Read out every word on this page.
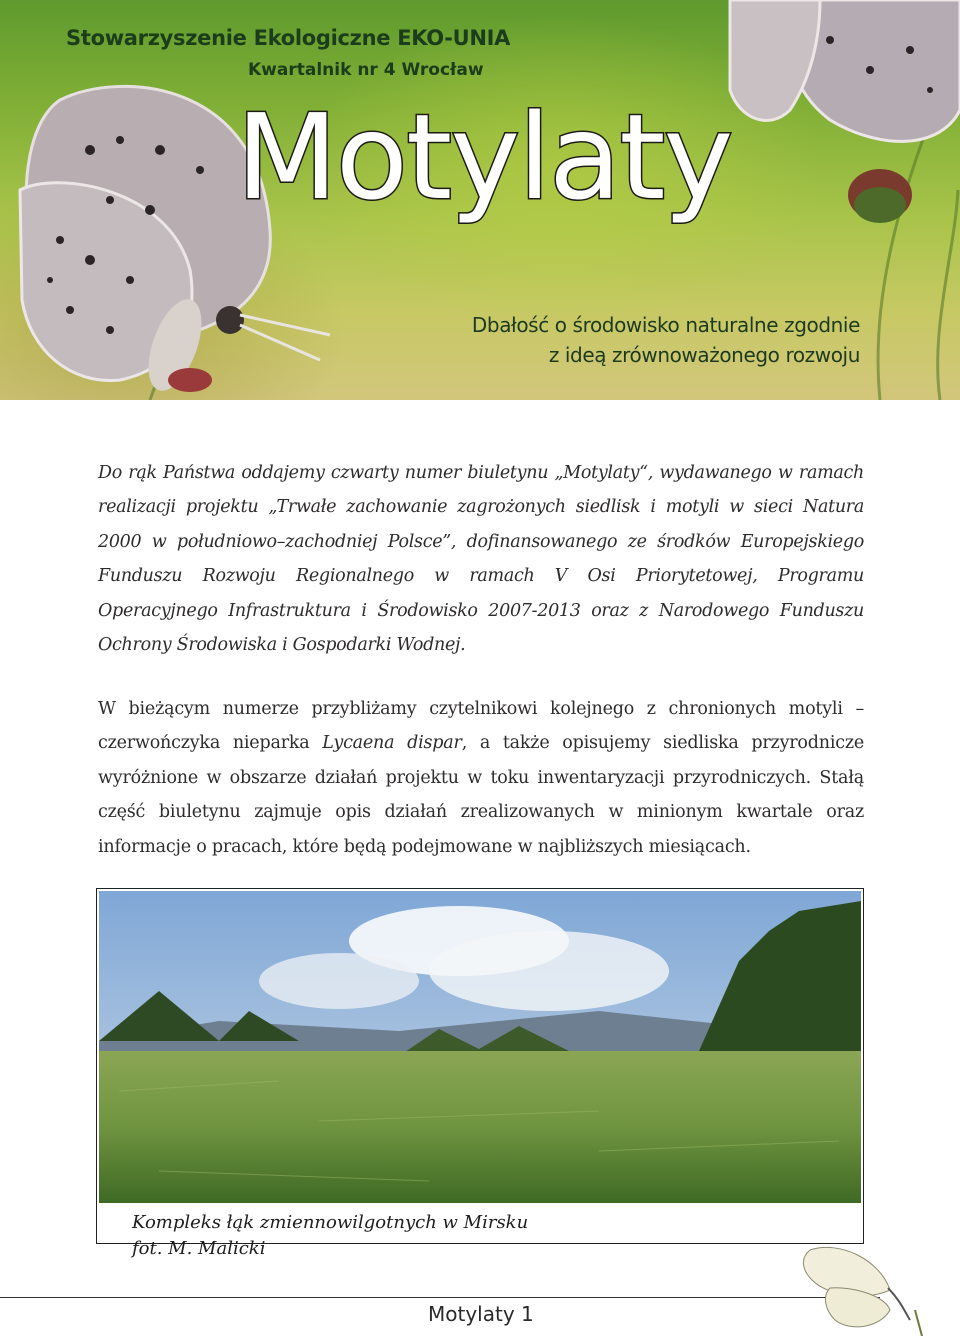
Stowarzyszenie Ekologiczne EKO-UNIA
Kwartalnik nr 4 Wrocław
Motylaty
Dbałość o środowisko naturalne zgodnie
z ideą zrównoważonego rozwoju

Do rąk Państwa oddajemy czwarty numer biuletynu „Motylaty“, wydawanego w ramach realizacji projektu „Trwałe zachowanie zagrożonych siedlisk i motyli w sieci Natura 2000 w południowo–zachodniej Polsce”, dofinansowanego ze środków Europejskiego Funduszu Rozwoju Regionalnego w ramach V Osi Priorytetowej, Programu Operacyjnego Infrastruktura i Środowisko 2007-2013 oraz z Narodowego Funduszu Ochrony Środowiska i Gospodarki Wodnej.

W bieżącym numerze przybliżamy czytelnikowi kolejnego z chronionych motyli – czerwończyka nieparka Lycaena dispar, a także opisujemy siedliska przyrodnicze wyróżnione w obszarze działań projektu w toku inwentaryzacji przyrodniczych. Stałą część biuletynu zajmuje opis działań zrealizowanych w minionym kwartale oraz informacje o pracach, które będą podejmowane w najbliższych miesiącach.

Kompleks łąk zmiennowilgotnych w Mirsku
fot. M. Malicki
Motylaty 1
